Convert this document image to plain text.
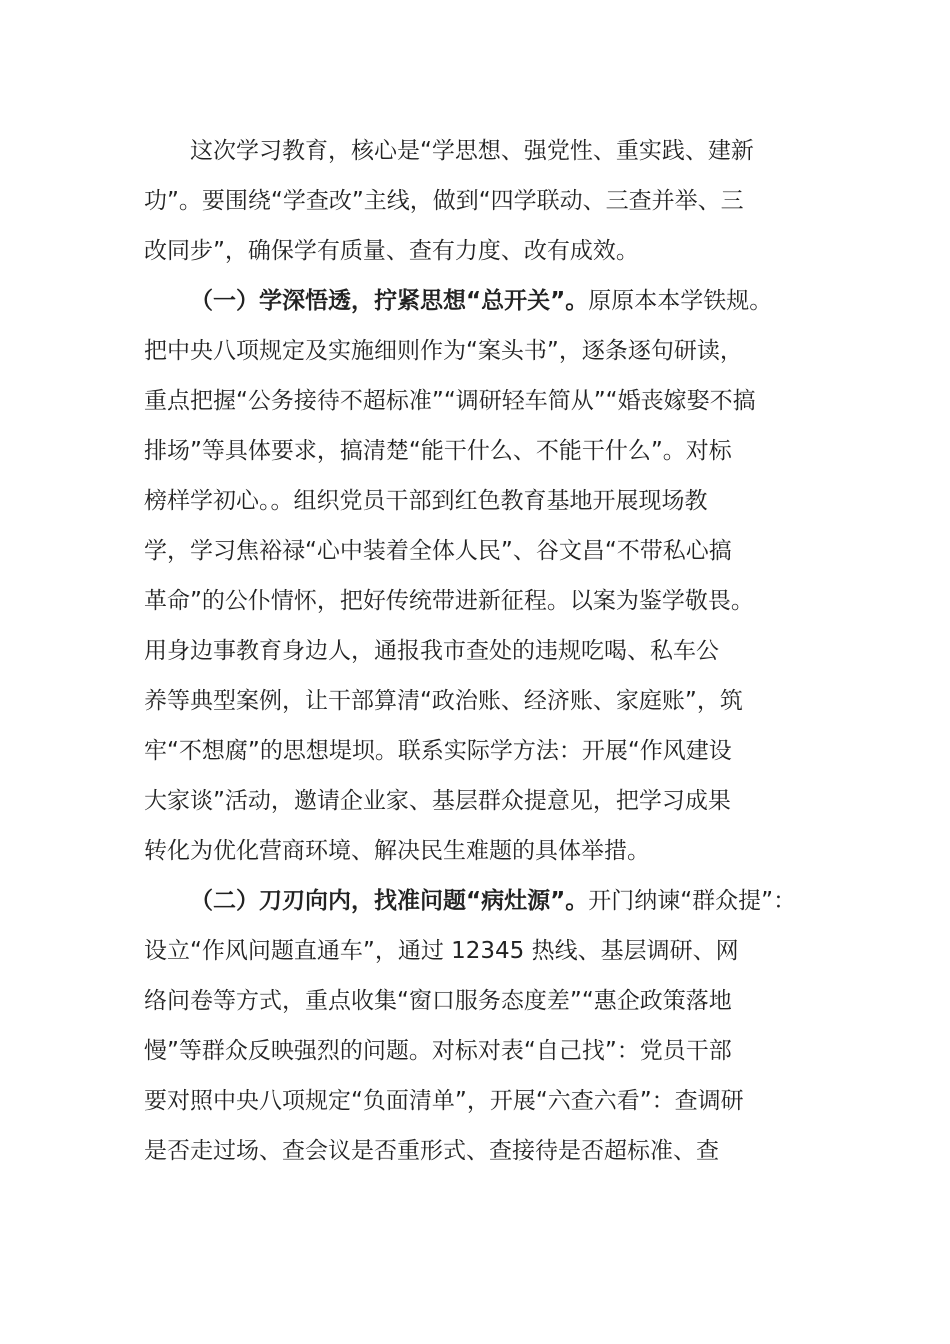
这次学习教育，核心是“学思想、强党性、重实践、建新
功”。要围绕“学查改”主线，做到“四学联动、三查并举、三
改同步”，确保学有质量、查有力度、改有成效。
（一）学深悟透，拧紧思想“总开关”。原原本本学铁规。
把中央八项规定及实施细则作为“案头书”，逐条逐句研读，
重点把握“公务接待不超标准”“调研轻车简从”“婚丧嫁娶不搞
排场”等具体要求，搞清楚“能干什么、不能干什么”。对标
榜样学初心。。组织党员干部到红色教育基地开展现场教
学，学习焦裕禄“心中装着全体人民”、谷文昌“不带私心搞
革命”的公仆情怀，把好传统带进新征程。以案为鉴学敬畏。
用身边事教育身边人，通报我市查处的违规吃喝、私车公
养等典型案例，让干部算清“政治账、经济账、家庭账”，筑
牢“不想腐”的思想堤坝。联系实际学方法：开展“作风建设
大家谈”活动，邀请企业家、基层群众提意见，把学习成果
转化为优化营商环境、解决民生难题的具体举措。
（二）刀刃向内，找准问题“病灶源”。开门纳谏“群众提”：
设立“作风问题直通车”，通过 12345 热线、基层调研、网
络问卷等方式，重点收集“窗口服务态度差”“惠企政策落地
慢”等群众反映强烈的问题。对标对表“自己找”：党员干部
要对照中央八项规定“负面清单”，开展“六查六看”：查调研
是否走过场、查会议是否重形式、查接待是否超标准、查
